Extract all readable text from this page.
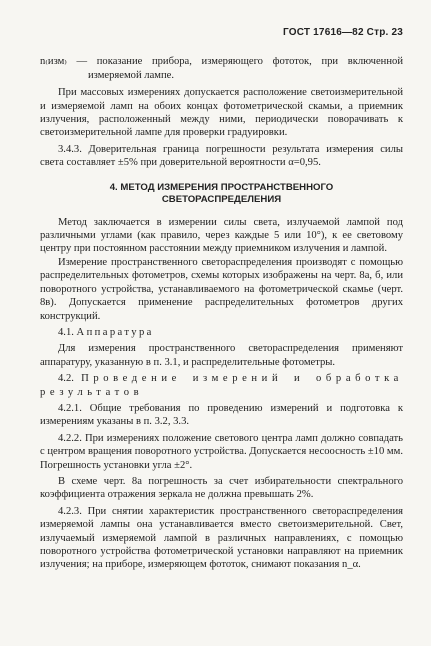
ГОСТ 17616—82 Стр. 23

n₍изм₎ — показание прибора, измеряющего фототок, при включенной измеряемой лампе.

При массовых измерениях допускается расположение светоизмерительной и измеряемой ламп на обоих концах фотометрической скамьи, а приемник излучения, расположенный между ними, периодически поворачивать к светоизмерительной лампе для проверки градуировки.

3.4.3. Доверительная граница погрешности результата измерения силы света составляет ±5% при доверительной вероятности α=0,95.

4. МЕТОД ИЗМЕРЕНИЯ ПРОСТРАНСТВЕННОГО
СВЕТОРАСПРЕДЕЛЕНИЯ

Метод заключается в измерении силы света, излучаемой лампой под различными углами (как правило, через каждые 5 или 10°), к ее световому центру при постоянном расстоянии между приемником излучения и лампой.

Измерение пространственного светораспределения производят с помощью распределительных фотометров, схемы которых изображены на черт. 8а, б, или поворотного устройства, устанавливаемого на фотометрической скамье (черт. 8в). Допускается применение распределительных фотометров других конструкций.

4.1. Аппаратура

Для измерения пространственного светораспределения применяют аппаратуру, указанную в п. 3.1, и распределительные фотометры.

4.2. Проведение измерений и обработка результатов

4.2.1. Общие требования по проведению измерений и подготовка к измерениям указаны в п. 3.2, 3.3.

4.2.2. При измерениях положение светового центра ламп должно совпадать с центром вращения поворотного устройства. Допускается несоосность ±10 мм. Погрешность установки угла ±2°.

В схеме черт. 8а погрешность за счет избирательности спектрального коэффициента отражения зеркала не должна превышать 2%.

4.2.3. При снятии характеристик пространственного светораспределения измеряемой лампы она устанавливается вместо светоизмерительной. Свет, излучаемый измеряемой лампой в различных направлениях, с помощью поворотного устройства фотометрической установки направляют на приемник излучения; на приборе, измеряющем фототок, снимают показания n_α.
